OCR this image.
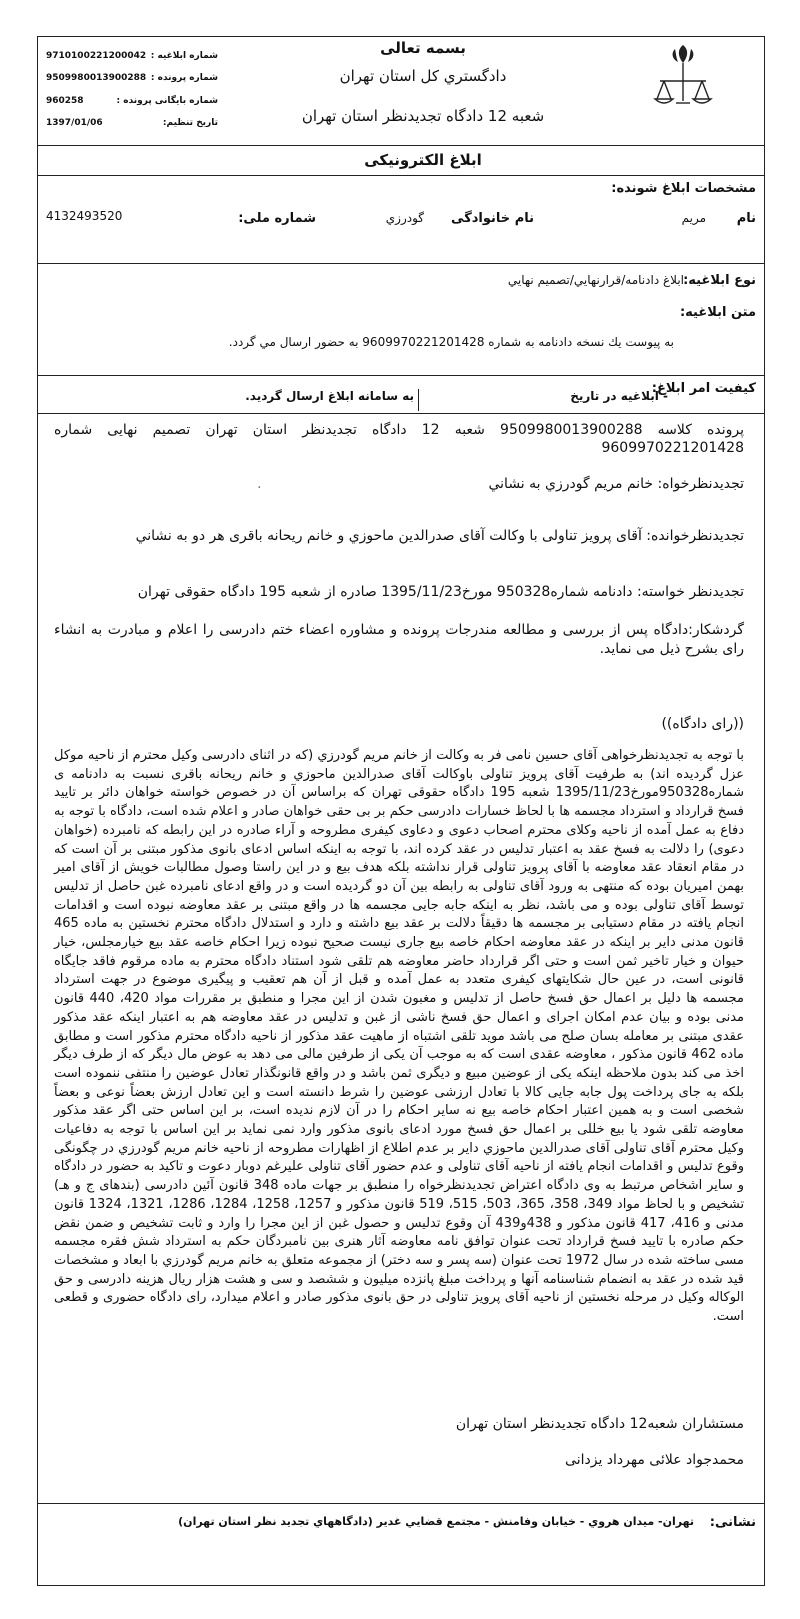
شماره ابلاغيه :
9710100221200042
شماره پرونده :
9509980013900288
شماره بايگانى پرونده :
960258
تاريخ تنظيم:
1397/01/06
بسمه تعالى
دادگستري كل استان تهران
شعبه 12 دادگاه تجديدنظر استان تهران
ابلاغ الكترونيكى
مشخصات ابلاغ شونده:
نام
مريم
نام خانوادگى
گودرزي
شماره ملى:
4132493520
نوع ابلاغيه:
ابلاغ دادنامه/قرارنهايي/تصميم نهايي
متن ابلاغيه:
به پيوست يك نسخه دادنامه به شماره 9609970221201428 به حضور ارسال مي گردد.
كيفيت امر ابلاغ:
- ابلاغيه در تاريخ
به سامانه ابلاغ ارسال گرديد.
پرونده كلاسه 9509980013900288 شعبه 12 دادگاه تجديدنظر استان تهران تصميم نهايى شماره 9609970221201428
تجديدنظرخواه: خانم مريم گودرزي به نشاني                                                   .
تجديدنظرخوانده: آقاى پرويز تناولى با وكالت آقاى صدرالدين ماحوزي و خانم ريحانه باقرى هر دو به نشاني
تجديدنظر خواسته: دادنامه شماره950328 مورخ1395/11/23 صادره از شعبه 195 دادگاه حقوقى تهران
گردشكار:دادگاه پس از بررسى و مطالعه مندرجات پرونده و مشاوره اعضاء ختم دادرسى را اعلام و مبادرت به انشاء راى بشرح ذيل مى نمايد.
((راى دادگاه))
با توجه به تجديدنظرخواهى آقاى حسين نامى فر به وكالت از خانم مريم گودرزي (كه در اثناى دادرسى وكيل محترم از ناحيه موكل عزل گرديده اند) به طرفيت آقاى پرويز تناولى باوكالت آقاى صدرالدين ماحوزي و خانم ريحانه باقرى نسبت به دادنامه ى شماره950328مورخ1395/11/23 شعبه 195 دادگاه حقوقى تهران كه براساس آن در خصوص خواسته خواهان دائر بر تاييد فسخ قرارداد و استرداد مجسمه ها با لحاظ خسارات دادرسى حكم بر بى حقى خواهان صادر و اعلام شده است، دادگاه با توجه به دفاع به عمل آمده از ناحيه وكلاى محترم اصحاب دعوى و دعاوى كيفرى مطروحه و آراء صادره در اين رابطه كه نامبرده (خواهان دعوى) را دلالت به فسخ عقد به اعتبار تدليس در عقد كرده اند، با توجه به اينكه اساس ادعاى بانوى مذكور مبتنى بر آن است كه در مقام انعقاد عقد معاوضه با آقاى پرويز تناولى قرار نداشته بلكه هدف بيع و در اين راستا وصول مطالبات خويش از آقاى امير بهمن اميريان بوده كه منتهى به ورود آقاى تناولى به رابطه بين آن دو گرديده است و در واقع ادعاى نامبرده غبن حاصل از تدليس توسط آقاى تناولى بوده و مى باشد، نظر به اينكه جابه جايى مجسمه ها در واقع مبتنى بر عقد معاوضه نبوده است و اقدامات انجام يافته در مقام دستيابى بر مجسمه ها دقيقاً دلالت بر عقد بيع داشته و دارد و استدلال دادگاه محترم نخستين به ماده 465 قانون مدنى داير بر اينكه در عقد معاوضه احكام خاصه بيع جارى نيست صحيح نبوده زيرا احكام خاصه عقد بيع خيارمجلس، خيار حيوان و خيار تاخير ثمن است و حتى اگر قرارداد حاضر معاوضه هم تلقى شود استناد دادگاه محترم به ماده مرقوم فاقد جايگاه قانونى است، در عين حال شكايتهاى كيفرى متعدد به عمل آمده و قبل از آن هم تعقيب و پيگيرى موضوع در جهت استرداد مجسمه ها دليل بر اعمال حق فسخ حاصل از تدليس و مغبون شدن از اين مجرا و منطبق بر مقررات مواد 420، 440 قانون مدنى بوده و بيان عدم امكان اجراى و اعمال حق فسخ ناشى از غبن و تدليس در عقد معاوضه هم به اعتبار اينكه عقد مذكور عقدى مبتنى بر معامله بسان صلح مى باشد مويد تلقى اشتباه از ماهيت عقد مذكور از ناحيه دادگاه محترم مذكور است و مطابق ماده 462 قانون مذكور ، معاوضه عقدى است كه به موجب آن يكى از طرفين مالى مى دهد به عوض مال ديگر كه از طرف ديگر اخذ مى كند بدون ملاحظه اينكه يكى از عوضين مبيع و ديگرى ثمن باشد و در واقع قانونگذار تعادل عوضين را منتفى ننموده است بلكه به جاى پرداخت پول جابه جايى كالا با تعادل ارزشى عوضين را شرط دانسته است و اين تعادل ارزش بعضاً نوعى و بعضاً شخصى است و به همين اعتبار احكام خاصه بيع نه ساير احكام را در آن لازم نديده است، بر اين اساس حتى اگر عقد مذكور معاوضه تلقى شود يا بيع خللى بر اعمال حق فسخ مورد ادعاى بانوى مذكور وارد نمى نمايد بر اين اساس با توجه به دفاعيات وكيل محترم آقاى تناولى آقاى صدرالدين ماحوزي داير بر عدم اطلاع از اظهارات مطروحه از ناحيه خانم مريم گودرزي در چگونگى وقوع تدليس و اقدامات انجام يافته از ناحيه آقاى تناولى و عدم حضور آقاى تناولى عليرغم دوبار دعوت و تاكيد به حضور در دادگاه و ساير اشخاص مرتبط به وى دادگاه اعتراض تجديدنظرخواه را منطبق بر جهات ماده 348 قانون آئين دادرسى (بندهاى ج و هـ) تشخيص و با لحاظ مواد 349، 358، 365، 503، 515، 519 قانون مذكور و 1257، 1258، 1284، 1286، 1321، 1324 قانون مدنى و 416، 417 قانون مذكور و 438و439 آن وقوع تدليس و حصول غبن از اين مجرا را وارد و ثابت تشخيص و ضمن نقض حكم صادره با تاييد فسخ قرارداد تحت عنوان توافق نامه معاوضه آثار هنرى بين نامبردگان حكم به استرداد شش فقره مجسمه مسى ساخته شده در سال 1972 تحت عنوان (سه پسر و سه دختر) از مجموعه متعلق به خانم مريم گودرزي با ابعاد و مشخصات قيد شده در عقد به انضمام شناسنامه آنها و پرداخت مبلغ پانزده ميليون و ششصد و سى و هشت هزار ريال هزينه دادرسى و حق الوكاله وكيل در مرحله نخستين از ناحيه آقاى پرويز تناولى در حق بانوى مذكور صادر و اعلام ميدارد، راى دادگاه حضورى و قطعى است.
مستشاران شعبه12 دادگاه تجديدنظر استان تهران
محمدجواد علائى مهرداد يزدانى
نشانى:
تهران- ميدان هروي - خيابان وفامنش - مجتمع قضايي غدير (دادگاههاي تجديد نظر استان تهران)
